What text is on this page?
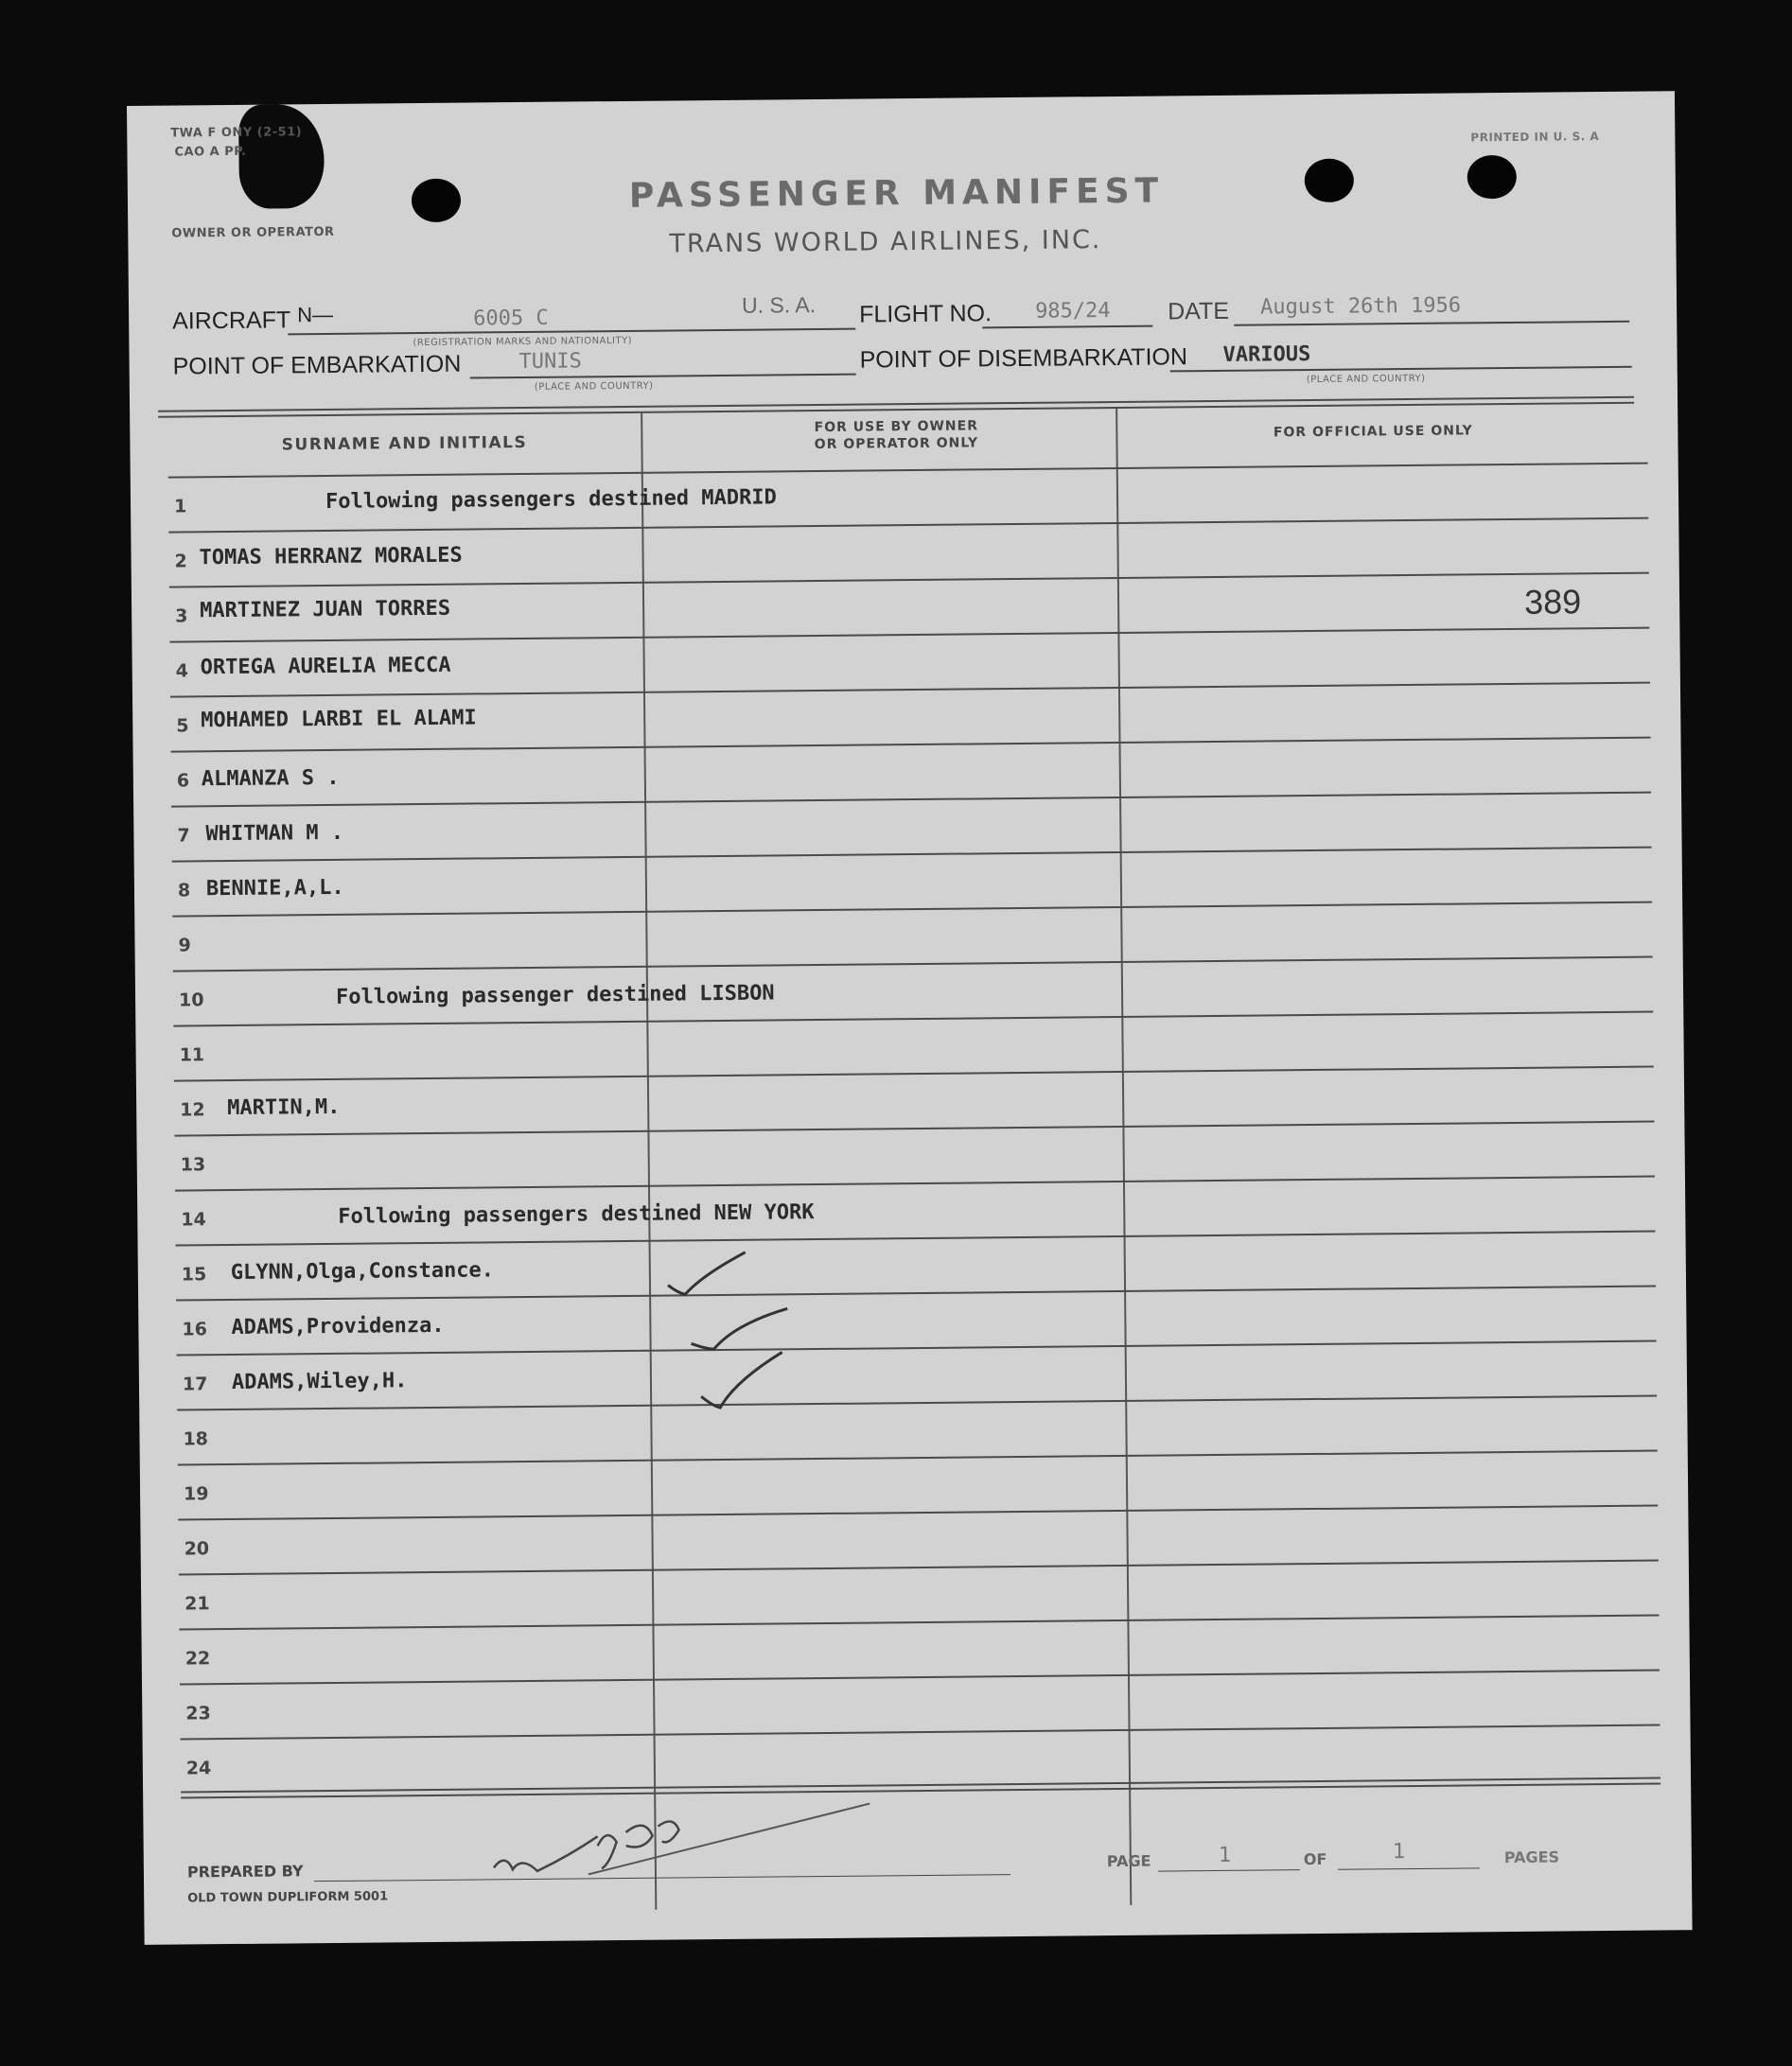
TWA F ONY (2-51)
CAO A PP.
OWNER OR OPERATOR
PRINTED IN U. S. A
PASSENGER MANIFEST
TRANS WORLD AIRLINES, INC.
AIRCRAFT N—	6005 C
U. S. A.
(REGISTRATION MARKS AND NATIONALITY)
FLIGHT NO. 985/24 DATE August 26th 1956
POINT OF EMBARKATION	TUNIS
(PLACE AND COUNTRY)
POINT OF DISEMBARKATION VARIOUS
(PLACE AND COUNTRY)
SURNAME AND INITIALS
FOR USE BY OWNER
OR OPERATOR ONLY
FOR OFFICIAL USE ONLY
1	Following passengers destined MADRID
2 TOMAS HERRANZ MORALES
3 MARTINEZ JUAN TORRES	389
4 ORTEGA AURELIA MECCA
5 MOHAMED LARBI EL ALAMI
6 ALMANZA S .
7 WHITMAN M .
8 BENNIE,A,L.
9
10	Following passenger destined LISBON
11
12	MARTIN,M.
13
14	Following passengers destined NEW YORK
15	GLYNN,Olga,Constance.
16	ADAMS,Providenza.
17	ADAMS,Wiley,H.
18
19
20
21
22
23
24
PREPARED BY
PAGE	1	OF	1	PAGES
OLD TOWN DUPLIFORM 5001
